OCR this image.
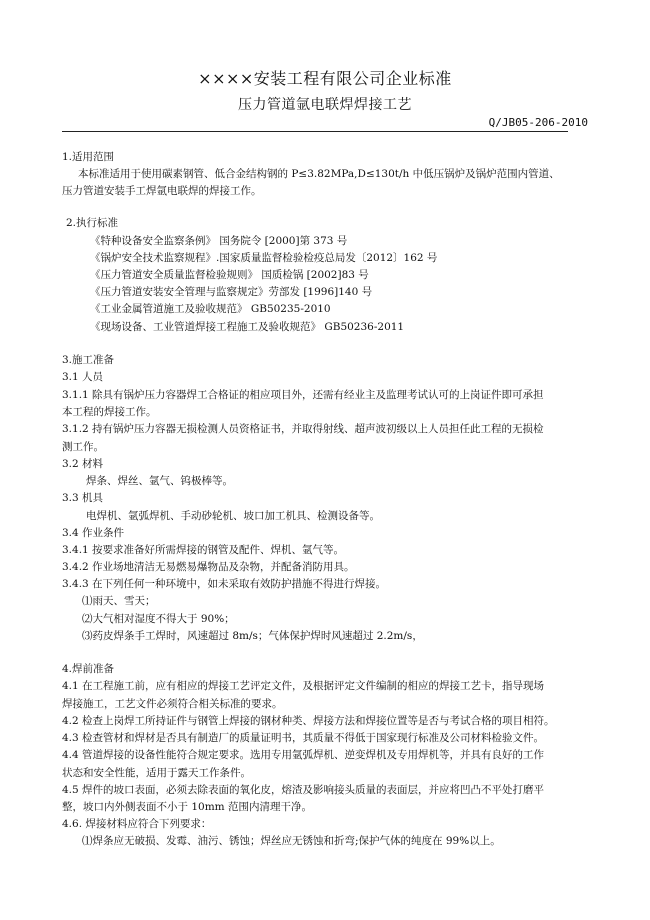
××××安装工程有限公司企业标准
压力管道氩电联焊焊接工艺
Q/JB05-206-2010
1.适用范围
本标准适用于使用碳素钢管、低合金结构钢的 P≤3.82MPa,D≤130t/h 中低压锅炉及锅炉范围内管道、
压力管道安装手工焊氩电联焊的焊接工作。
2.执行标准
《特种设备安全监察条例》 国务院令 [2000]第 373 号
《锅炉安全技术监察规程》.国家质量监督检验检疫总局发〔2012〕162 号
《压力管道安全质量监督检验规则》 国质检锅 [2002]83 号
《压力管道安装安全管理与监察规定》劳部发 [1996]140 号
《工业金属管道施工及验收规范》 GB50235-2010
《现场设备、工业管道焊接工程施工及验收规范》 GB50236-2011
3.施工准备
3.1 人员
3.1.1 除具有锅炉压力容器焊工合格证的相应项目外，还需有经业主及监理考试认可的上岗证件即可承担
本工程的焊接工作。
3.1.2 持有锅炉压力容器无损检测人员资格证书，并取得射线、超声波初级以上人员担任此工程的无损检
测工作。
3.2 材料
焊条、焊丝、氩气、钨极棒等。
3.3 机具
电焊机、氩弧焊机、手动砂轮机、坡口加工机具、检测设备等。
3.4 作业条件
3.4.1 按要求准备好所需焊接的钢管及配件、焊机、氩气等。
3.4.2 作业场地清洁无易燃易爆物品及杂物，并配备消防用具。
3.4.3 在下列任何一种环境中，如未采取有效防护措施不得进行焊接。
⑴雨天、雪天；
⑵大气相对湿度不得大于 90%；
⑶药皮焊条手工焊时，风速超过 8m/s；气体保护焊时风速超过 2.2m/s，
4.焊前准备
4.1 在工程施工前，应有相应的焊接工艺评定文件，及根据评定文件编制的相应的焊接工艺卡，指导现场
焊接施工，工艺文件必须符合相关标准的要求。
4.2 检查上岗焊工所持证件与钢管上焊接的钢材种类、焊接方法和焊接位置等是否与考试合格的项目相符。
4.3 检查管材和焊材是否具有制造厂的质量证明书，其质量不得低于国家现行标准及公司材料检验文件。
4.4 管道焊接的设备性能符合规定要求。选用专用氩弧焊机、逆变焊机及专用焊机等，并具有良好的工作
状态和安全性能，适用于露天工作条件。
4.5 焊件的坡口表面，必须去除表面的氧化皮，熔渣及影响接头质量的表面层，并应将凹凸不平处打磨平
整，坡口内外侧表面不小于 10mm 范围内清理干净。
4.6. 焊接材料应符合下列要求：
⑴焊条应无破损、发霉、油污、锈蚀；焊丝应无锈蚀和折弯;保护气体的纯度在 99%以上。
